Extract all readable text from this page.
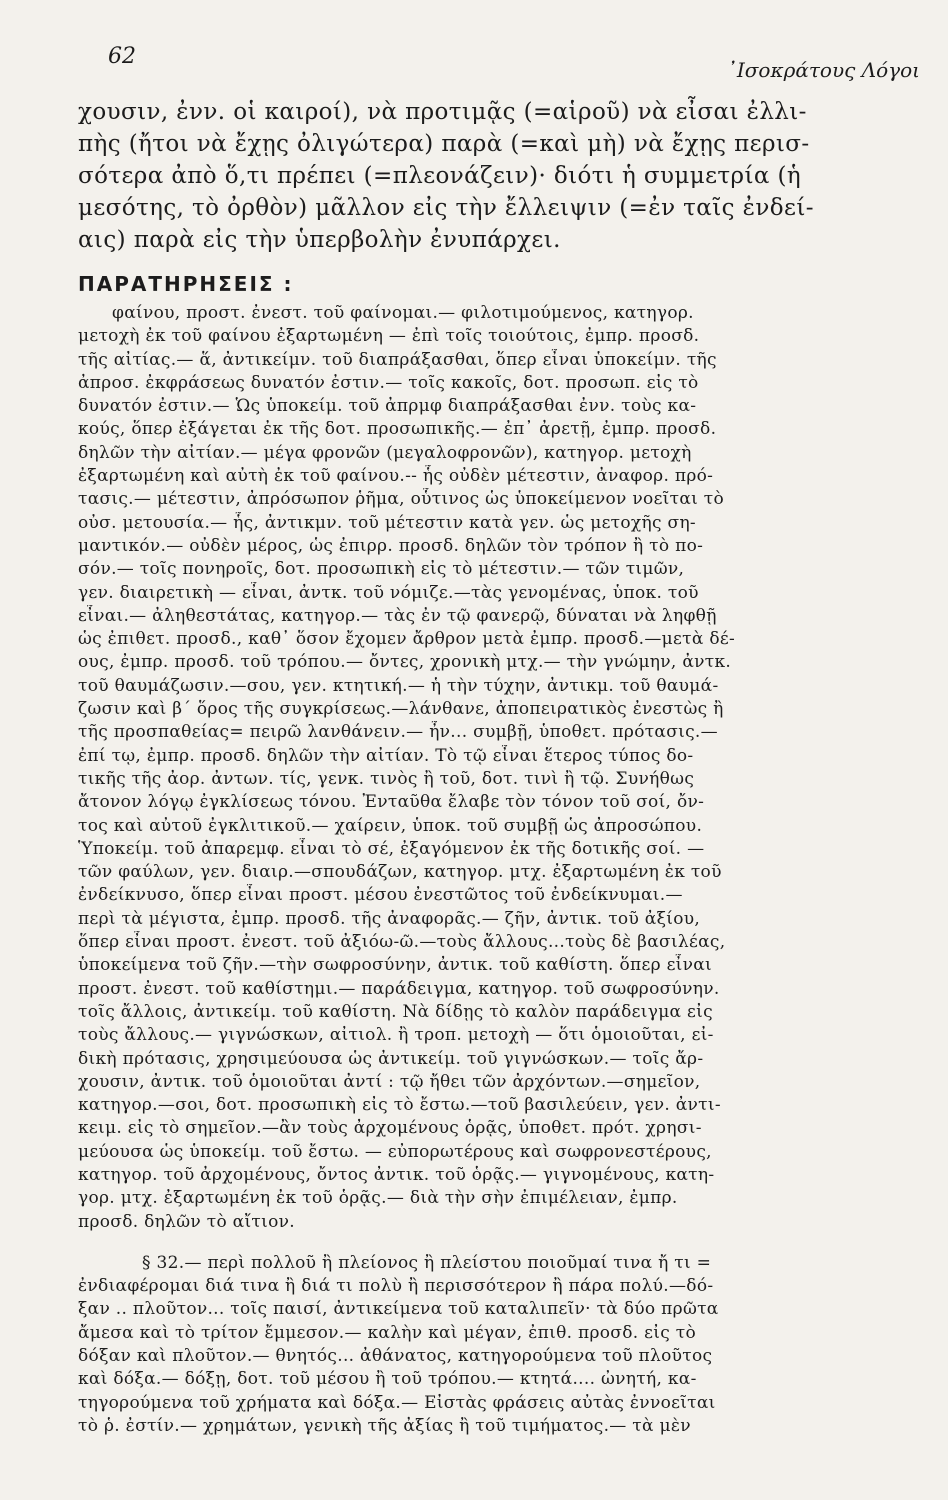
62
᾽Ισοκράτους Λόγοι
χουσιν, ἐνν. οἱ καιροί), νὰ προτιμᾷς (=αἱροῦ) νὰ εἶσαι ἐλλι-
πὴς (ἤτοι νὰ ἔχῃς ὀλιγώτερα) παρὰ (=καὶ μὴ) νὰ ἔχῃς περισ-
σότερα ἀπὸ ὅ,τι πρέπει (=πλεονάζειν)· διότι ἡ συμμετρία (ἡ
μεσότης, τὸ ὀρθὸν) μᾶλλον εἰς τὴν ἔλλειψιν (=ἐν ταῖς ἐνδεί-
αις) παρὰ εἰς τὴν ὑπερβολὴν ἐνυπάρχει.
ΠΑΡΑΤΗΡΗΣΕΙΣ :
φαίνου, προστ. ἐνεστ. τοῦ φαίνομαι.— φιλοτιμούμενος, κατηγορ.
μετοχὴ ἐκ τοῦ φαίνου ἐξαρτωμένη — ἐπὶ τοῖς τοιούτοις, ἐμπρ. προσδ.
τῆς αἰτίας.— ἅ, ἀντικείμν. τοῦ διαπράξασθαι, ὅπερ εἶναι ὑποκείμν. τῆς
ἀπροσ. ἐκφράσεως δυνατόν ἐστιν.— τοῖς κακοῖς, δοτ. προσωπ. εἰς τὸ
δυνατόν ἐστιν.— Ὡς ὑποκείμ. τοῦ ἀπρμφ διαπράξασθαι ἐνν. τοὺς κα-
κούς, ὅπερ ἐξάγεται ἐκ τῆς δοτ. προσωπικῆς.— ἐπ᾽ ἀρετῇ, ἐμπρ. προσδ.
δηλῶν τὴν αἰτίαν.— μέγα φρονῶν (μεγαλοφρονῶν), κατηγορ. μετοχὴ
ἐξαρτωμένη καὶ αὐτὴ ἐκ τοῦ φαίνου.-- ἧς οὐδὲν μέτεστιν, ἀναφορ. πρό-
τασις.— μέτεστιν, ἀπρόσωπον ῥῆμα, οὗτινος ὡς ὑποκείμενον νοεῖται τὸ
οὐσ. μετουσία.— ἧς, ἀντικμν. τοῦ μέτεστιν κατὰ γεν. ὡς μετοχῆς ση-
μαντικόν.— οὐδὲν μέρος, ὡς ἐπιρρ. προσδ. δηλῶν τὸν τρόπον ἢ τὸ πο-
σόν.— τοῖς πονηροῖς, δοτ. προσωπικὴ εἰς τὸ μέτεστιν.— τῶν τιμῶν,
γεν. διαιρετικὴ — εἶναι, ἀντκ. τοῦ νόμιζε.—τὰς γενομένας, ὑποκ. τοῦ
εἶναι.— ἀληθεστάτας, κατηγορ.— τὰς ἐν τῷ φανερῷ, δύναται νὰ ληφθῇ
ὡς ἐπιθετ. προσδ., καθ᾽ ὅσον ἔχομεν ἄρθρον μετὰ ἐμπρ. προσδ.—μετὰ δέ-
ους, ἐμπρ. προσδ. τοῦ τρόπου.— ὄντες, χρονικὴ μτχ.— τὴν γνώμην, ἀντκ.
τοῦ θαυμάζωσιν.—σου, γεν. κτητική.— ἡ τὴν τύχην, ἀντικμ. τοῦ θαυμά-
ζωσιν καὶ β΄ ὅρος τῆς συγκρίσεως.—λάνθανε, ἀποπειρατικὸς ἐνεστὼς ἢ
τῆς προσπαθείας= πειρῶ λανθάνειν.— ἦν... συμβῇ, ὑποθετ. πρότασις.—
ἐπί τῳ, ἐμπρ. προσδ. δηλῶν τὴν αἰτίαν. Τὸ τῷ εἶναι ἕτερος τύπος δο-
τικῆς τῆς ἀορ. ἀντων. τίς, γενκ. τινὸς ἢ τοῦ, δοτ. τινὶ ἢ τῷ. Συνήθως
ἄτονον λόγῳ ἐγκλίσεως τόνου. Ἐνταῦθα ἔλαβε τὸν τόνον τοῦ σοί, ὄν-
τος καὶ αὐτοῦ ἐγκλιτικοῦ.— χαίρειν, ὑποκ. τοῦ συμβῇ ὡς ἀπροσώπου.
Ὑποκείμ. τοῦ ἀπαρεμφ. εἶναι τὸ σέ, ἐξαγόμενον ἐκ τῆς δοτικῆς σοί. —
τῶν φαύλων, γεν. διαιρ.—σπουδάζων, κατηγορ. μτχ. ἐξαρτωμένη ἐκ τοῦ
ἐνδείκνυσο, ὅπερ εἶναι προστ. μέσου ἐνεστῶτος τοῦ ἐνδείκνυμαι.—
περὶ τὰ μέγιστα, ἐμπρ. προσδ. τῆς ἀναφορᾶς.— ζῆν, ἀντικ. τοῦ ἀξίου,
ὅπερ εἶναι προστ. ἐνεστ. τοῦ ἀξιόω-ῶ.—τοὺς ἄλλους...τοὺς δὲ βασιλέας,
ὑποκείμενα τοῦ ζῆν.—τὴν σωφροσύνην, ἀντικ. τοῦ καθίστη. ὅπερ εἶναι
προστ. ἐνεστ. τοῦ καθίστημι.— παράδειγμα, κατηγορ. τοῦ σωφροσύνην.
τοῖς ἄλλοις, ἀντικείμ. τοῦ καθίστη. Νὰ δίδῃς τὸ καλὸν παράδειγμα εἰς
τοὺς ἄλλους.— γιγνώσκων, αἰτιολ. ἢ τροπ. μετοχὴ — ὅτι ὁμοιοῦται, εἰ-
δικὴ πρότασις, χρησιμεύουσα ὡς ἀντικείμ. τοῦ γιγνώσκων.— τοῖς ἄρ-
χουσιν, ἀντικ. τοῦ ὁμοιοῦται ἀντί : τῷ ἤθει τῶν ἀρχόντων.—σημεῖον,
κατηγορ.—σοι, δοτ. προσωπικὴ εἰς τὸ ἔστω.—τοῦ βασιλεύειν, γεν. ἀντι-
κειμ. εἰς τὸ σημεῖον.—ἂν τοὺς ἀρχομένους ὁρᾷς, ὑποθετ. πρότ. χρησι-
μεύουσα ὡς ὑποκείμ. τοῦ ἔστω. — εὐπορωτέρους καὶ σωφρονεστέρους,
κατηγορ. τοῦ ἀρχομένους, ὄντος ἀντικ. τοῦ ὁρᾷς.— γιγνομένους, κατη-
γορ. μτχ. ἐξαρτωμένη ἐκ τοῦ ὁρᾷς.— διὰ τὴν σὴν ἐπιμέλειαν, ἐμπρ.
προσδ. δηλῶν τὸ αἴτιον.
§ 32.— περὶ πολλοῦ ἢ πλείονος ἢ πλείστου ποιοῦμαί τινα ἤ τι =
ἐνδιαφέρομαι διά τινα ἢ διά τι πολὺ ἢ περισσότερον ἢ πάρα πολύ.—δό-
ξαν .. πλοῦτον... τοῖς παισί, ἀντικείμενα τοῦ καταλιπεῖν· τὰ δύο πρῶτα
ἄμεσα καὶ τὸ τρίτον ἔμμεσον.— καλὴν καὶ μέγαν, ἐπιθ. προσδ. εἰς τὸ
δόξαν καὶ πλοῦτον.— θνητός... ἀθάνατος, κατηγορούμενα τοῦ πλοῦτος
καὶ δόξα.— δόξῃ, δοτ. τοῦ μέσου ἢ τοῦ τρόπου.— κτητά.... ὠνητή, κα-
τηγορούμενα τοῦ χρήματα καὶ δόξα.— Εἰστὰς φράσεις αὐτὰς ἐννοεῖται
τὸ ῥ. ἐστίν.— χρημάτων, γενικὴ τῆς ἀξίας ἢ τοῦ τιμήματος.— τὰ μὲν
